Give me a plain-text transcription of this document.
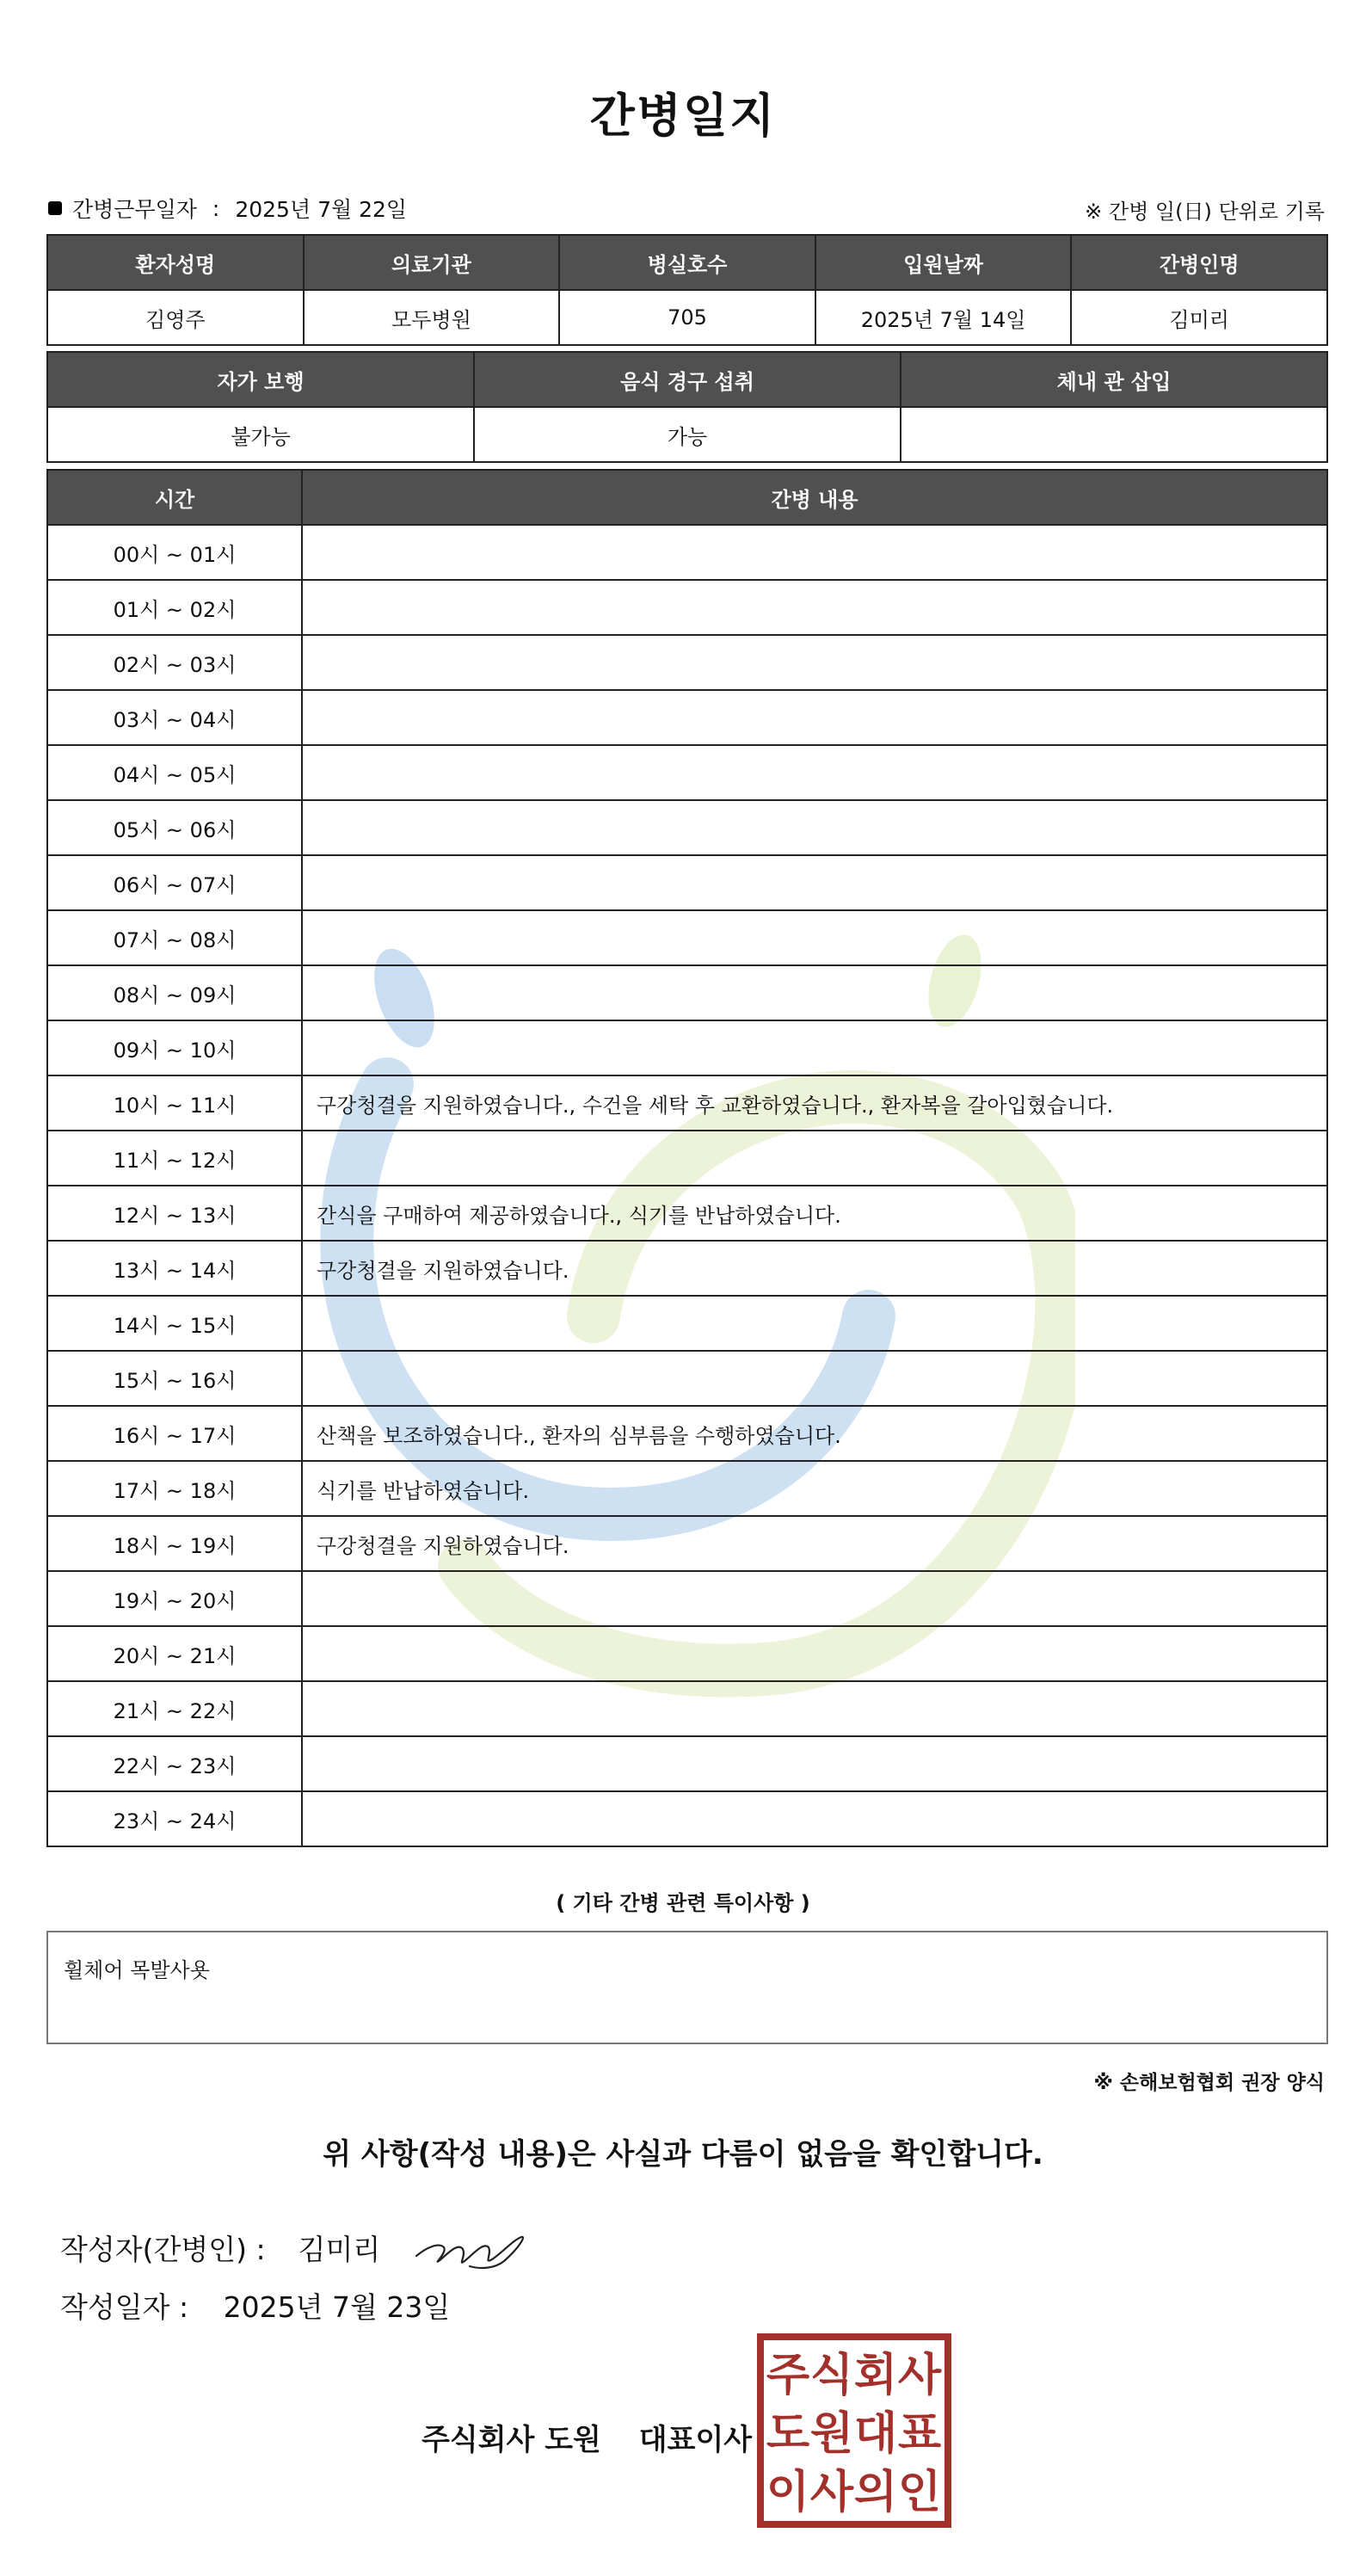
간병일지
간병근무일자 : 2025년 7월 22일	※ 간병 일(日) 단위로 기록
환자성명	의료기관	병실호수	입원날짜	간병인명
김영주	모두병원	705	2025년 7월 14일	김미리
자가 보행	음식 경구 섭취	체내 관 삽입
불가능	가능	
시간	간병 내용
00시 ~ 01시	
01시 ~ 02시	
02시 ~ 03시	
03시 ~ 04시	
04시 ~ 05시	
05시 ~ 06시	
06시 ~ 07시	
07시 ~ 08시	
08시 ~ 09시	
09시 ~ 10시	
10시 ~ 11시	구강청결을 지원하였습니다., 수건을 세탁 후 교환하였습니다., 환자복을 갈아입혔습니다.
11시 ~ 12시	
12시 ~ 13시	간식을 구매하여 제공하였습니다., 식기를 반납하였습니다.
13시 ~ 14시	구강청결을 지원하였습니다.
14시 ~ 15시	
15시 ~ 16시	
16시 ~ 17시	산책을 보조하였습니다., 환자의 심부름을 수행하였습니다.
17시 ~ 18시	식기를 반납하였습니다.
18시 ~ 19시	구강청결을 지원하였습니다.
19시 ~ 20시	
20시 ~ 21시	
21시 ~ 22시	
22시 ~ 23시	
23시 ~ 24시	
( 기타 간병 관련 특이사항 )
휠체어 목발사욧
※ 손해보험협회 권장 양식
위 사항(작성 내용)은 사실과 다름이 없음을 확인합니다.
작성자(간병인) : 김미리
작성일자 : 2025년 7월 23일
주식회사 도원 대표이사
주 식 회 사
도 원 대 표
이 사 의 인
